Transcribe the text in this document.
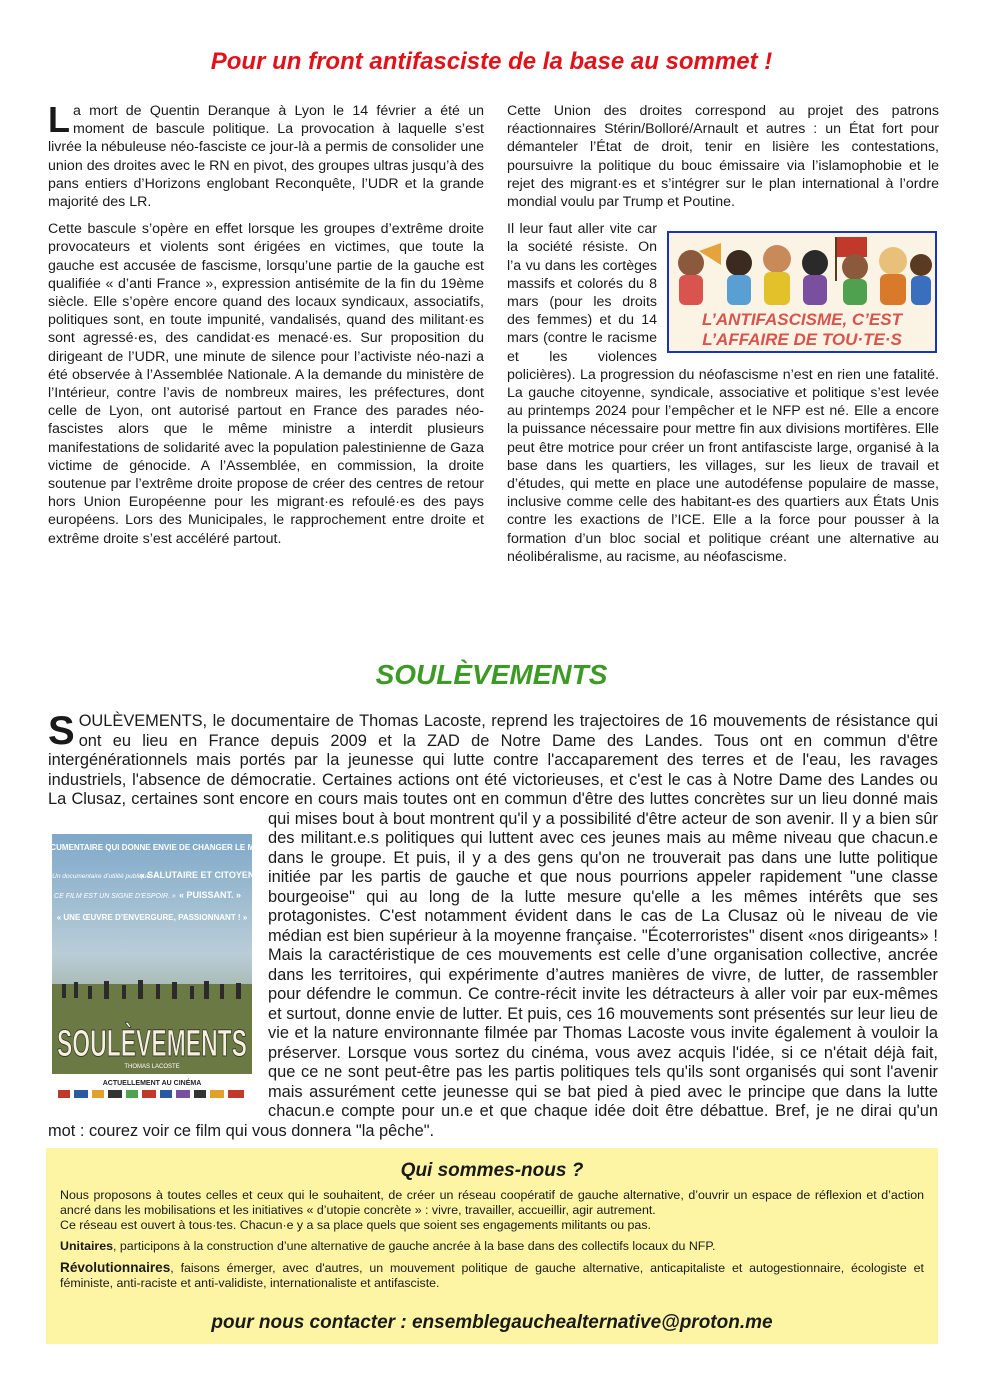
Pour un front antifasciste de la base au sommet !

La mort de Quentin Deranque à Lyon le 14 février a été un moment de bascule politique. La provocation à laquelle s’est livrée la nébuleuse néo-fasciste ce jour-là a permis de consolider une union des droites avec le RN en pivot, des groupes ultras jusqu’à des pans entiers d’Horizons englobant Reconquête, l’UDR et la grande majorité des LR.

Cette bascule s’opère en effet lorsque les groupes d’extrême droite provocateurs et violents sont érigées en victimes, que toute la gauche est accusée de fascisme, lorsqu’une partie de la gauche est qualifiée « d’anti France », expression antisémite de la fin du 19ème siècle. Elle s’opère encore quand des locaux syndicaux, associatifs, politiques sont, en toute impunité, vandalisés, quand des militant·es sont agressé·es, des candidat·es menacé·es. Sur proposition du dirigeant de l’UDR, une minute de silence pour l’activiste néo-nazi a été observée à l’Assemblée Nationale. A la demande du ministère de l’Intérieur, contre l’avis de nombreux maires, les préfectures, dont celle de Lyon, ont autorisé partout en France des parades néo-fascistes alors que le même ministre a interdit plusieurs manifestations de solidarité avec la population palestinienne de Gaza victime de génocide. A l’Assemblée, en commission, la droite soutenue par l’extrême droite propose de créer des centres de retour hors Union Européenne pour les migrant·es refoulé·es des pays européens. Lors des Municipales, le rapprochement entre droite et extrême droite s’est accéléré partout.

Cette Union des droites correspond au projet des patrons réactionnaires Stérin/Bolloré/Arnault et autres : un État fort pour démanteler l’État de droit, tenir en lisière les contestations, poursuivre la politique du bouc émissaire via l’islamophobie et le rejet des migrant·es et s’intégrer sur le plan international à l’ordre mondial voulu par Trump et Poutine.

Il leur faut aller vite car la société résiste. On l’a vu dans les cortèges massifs et colorés du 8 mars (pour les droits des femmes) et du 14 mars (contre le racisme et les violences policières). La progression du néofascisme n’est en rien une fatalité. La gauche citoyenne, syndicale, associative et politique s’est levée au printemps 2024 pour l’empêcher et le NFP est né. Elle a encore la puissance nécessaire pour mettre fin aux divisions mortifères. Elle peut être motrice pour créer un front antifasciste large, organisé à la base dans les quartiers, les villages, sur les lieux de travail et d’études, qui mette en place une autodéfense populaire de masse, inclusive comme celle des habitant-es des quartiers aux États Unis contre les exactions de l’ICE. Elle a la force pour pousser à la formation d’un bloc social et politique créant une alternative au néolibéralisme, au racisme, au néofascisme.
L’ANTIFASCISME, C’EST
L’AFFAIRE DE TOU·TE·S
SOULÈVEMENTS
S
« UN DOCUMENTAIRE QUI DONNE ENVIE DE CHANGER LE MONDE. »
« Un documentaire d’utilité publique. »
« SALUTAIRE ET CITOYEN. »
« CE FILM EST UN SIGNE D’ESPOIR. » « PUISSANT. »
« UNE ŒUVRE D’ENVERGURE, PASSIONNANT ! »
SOULÈVEMENTS
THOMAS LACOSTE
ACTUELLEMENT AU CINÉMA

OULÈVEMENTS, le documentaire de Thomas Lacoste, reprend les trajectoires de 16 mouvements de résistance qui ont eu lieu en France depuis 2009 et la ZAD de Notre Dame des Landes. Tous ont en commun d'être intergénérationnels mais portés par la jeunesse qui lutte contre l'accaparement des terres et de l'eau, les ravages industriels, l'absence de démocratie. Certaines actions ont été victorieuses, et c'est le cas à Notre Dame des Landes ou La Clusaz, certaines sont encore en cours mais toutes ont en commun d'être des luttes concrètes sur un lieu donné mais qui mises bout à bout montrent qu'il y a possibilité d'être acteur de son avenir. Il y a bien sûr des militant.e.s politiques qui luttent avec ces jeunes mais au même niveau que chacun.e dans le groupe. Et puis, il y a des gens qu'on ne trouverait pas dans une lutte politique initiée par les partis de gauche et que nous pourrions appeler rapidement "une classe bourgeoise" qui au long de la lutte mesure qu'elle a les mêmes intérêts que ses protagonistes. C'est notamment évident dans le cas de La Clusaz où le niveau de vie médian est bien supérieur à la moyenne française. "Écoterroristes" disent «nos dirigeants» ! Mais la caractéristique de ces mouvements est celle d’une organisation collective, ancrée dans les territoires, qui expérimente d’autres manières de vivre, de lutter, de rassembler pour défendre le commun. Ce contre-récit invite les détracteurs à aller voir par eux-mêmes et surtout, donne envie de lutter. Et puis, ces 16 mouvements sont présentés sur leur lieu de vie et la nature environnante filmée par Thomas Lacoste vous invite également à vouloir la préserver. Lorsque vous sortez du cinéma, vous avez acquis l'idée, si ce n'était déjà fait, que ce ne sont peut-être pas les partis politiques tels qu'ils sont organisés qui sont l'avenir mais assurément cette jeunesse qui se bat pied à pied avec le principe que dans la lutte chacun.e compte pour un.e et que chaque idée doit être débattue. Bref, je ne dirai qu'un mot : courez voir ce film qui vous donnera "la pêche".

Qui sommes-nous ?

Nous proposons à toutes celles et ceux qui le souhaitent, de créer un réseau coopératif de gauche alternative, d’ouvrir un espace de réflexion et d’action ancré dans les mobilisations et les initiatives « d’utopie concrète » : vivre, travailler, accueillir, agir autrement.
Ce réseau est ouvert à tous·tes. Chacun·e y a sa place quels que soient ses engagements militants ou pas.

Unitaires, participons à la construction d’une alternative de gauche ancrée à la base dans des collectifs locaux du NFP.

Révolutionnaires, faisons émerger, avec d'autres, un mouvement politique de gauche alternative, anticapitaliste et autogestionnaire, écologiste et féministe, anti-raciste et anti-validiste, internationaliste et antifasciste.

pour nous contacter : ensemblegauchealternative@proton.me
